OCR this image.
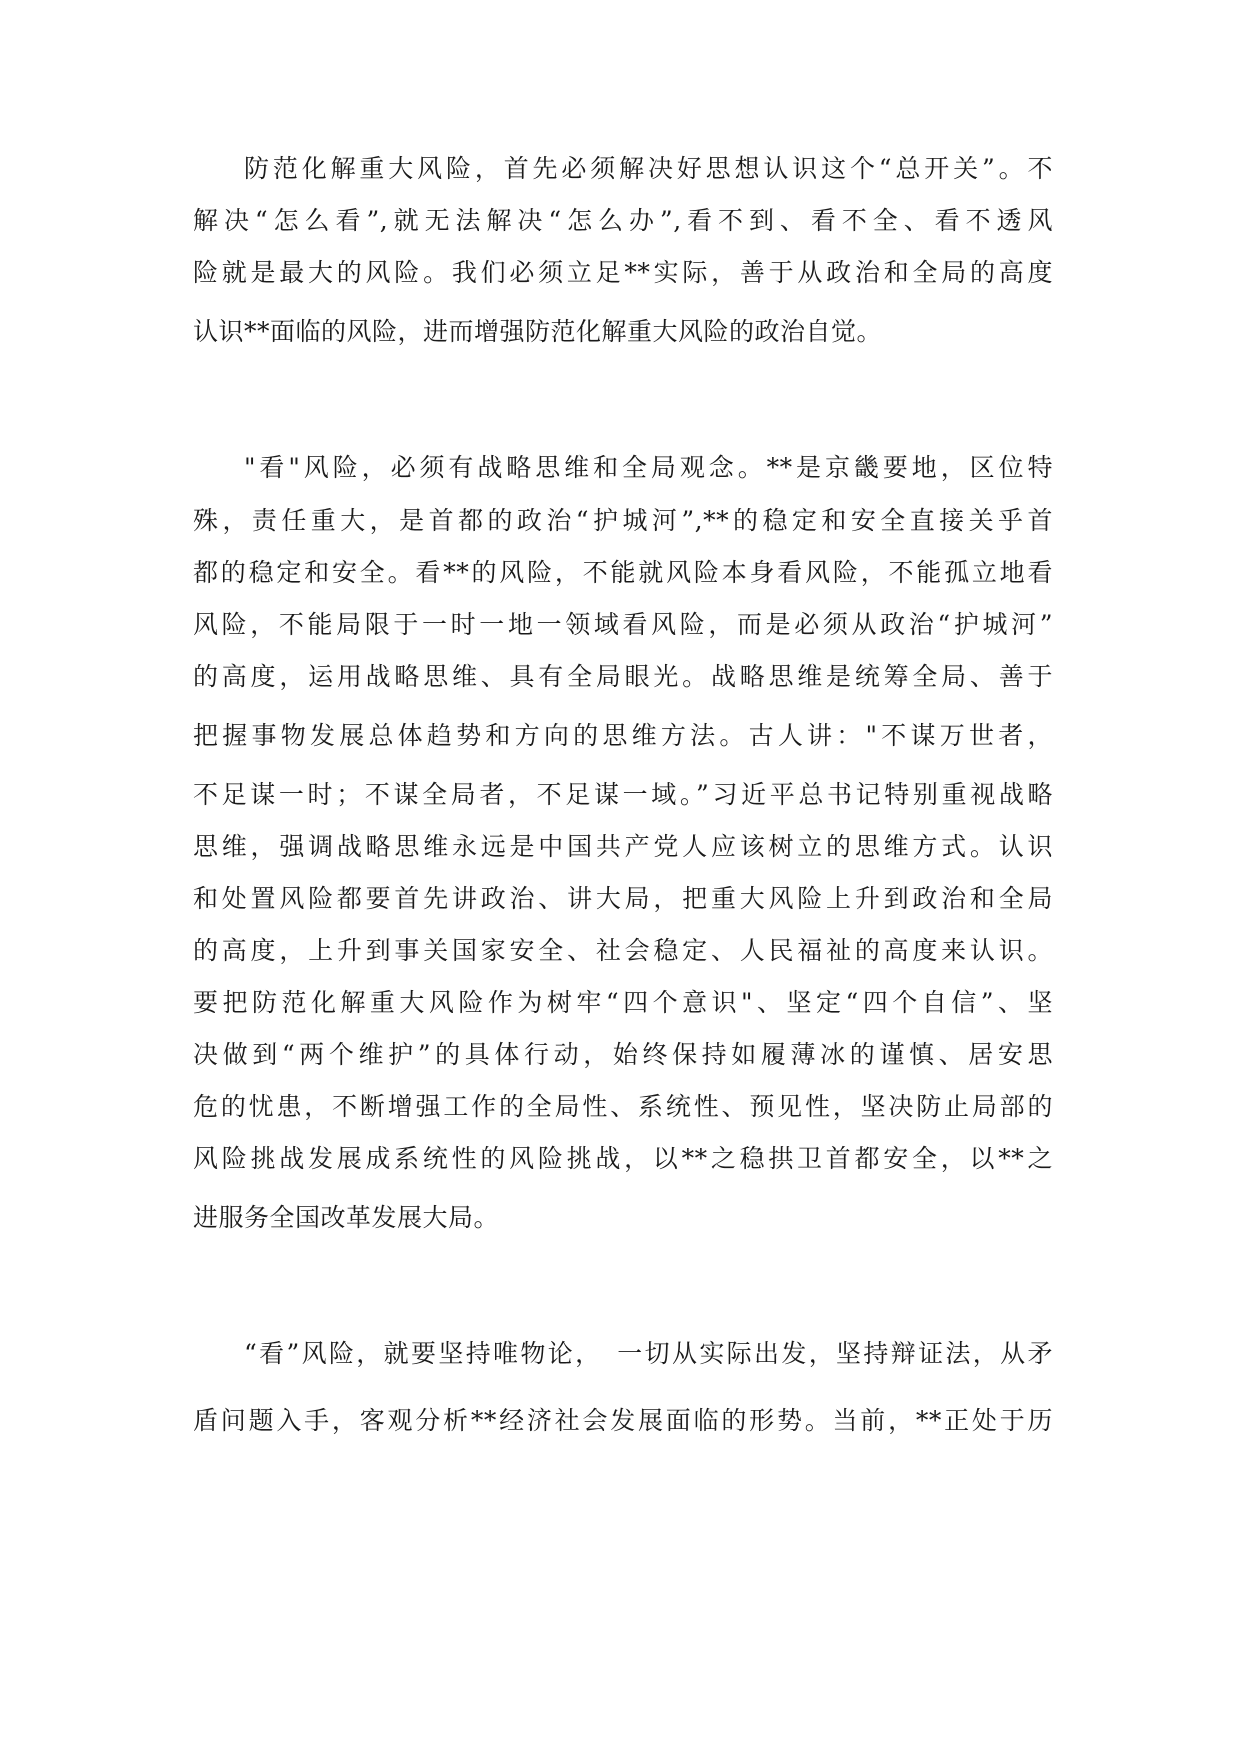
防范化解重大风险，首先必须解决好思想认识这个“总开关”。不
解决“怎么看”,就无法解决“怎么办”,看不到、看不全、看不透风
险就是最大的风险。我们必须立足**实际，善于从政治和全局的高度
认识**面临的风险，进而增强防范化解重大风险的政治自觉。
"看"风险，必须有战略思维和全局观念。**是京畿要地，区位特
殊，责任重大，是首都的政治“护城河”,**的稳定和安全直接关乎首
都的稳定和安全。看**的风险，不能就风险本身看风险，不能孤立地看
风险，不能局限于一时一地一领域看风险，而是必须从政治“护城河”
的高度，运用战略思维、具有全局眼光。战略思维是统筹全局、善于
把握事物发展总体趋势和方向的思维方法。古人讲："不谋万世者，
不足谋一时；不谋全局者，不足谋一域。”习近平总书记特别重视战略
思维，强调战略思维永远是中国共产党人应该树立的思维方式。认识
和处置风险都要首先讲政治、讲大局，把重大风险上升到政治和全局
的高度，上升到事关国家安全、社会稳定、人民福祉的高度来认识。
要把防范化解重大风险作为树牢“四个意识"、坚定“四个自信”、坚
决做到“两个维护”的具体行动，始终保持如履薄冰的谨慎、居安思
危的忧患，不断增强工作的全局性、系统性、预见性，坚决防止局部的
风险挑战发展成系统性的风险挑战，以**之稳拱卫首都安全，以**之
进服务全国改革发展大局。
“看”风险，就要坚持唯物论，　一切从实际出发，坚持辩证法，从矛
盾问题入手，客观分析**经济社会发展面临的形势。当前，**正处于历
